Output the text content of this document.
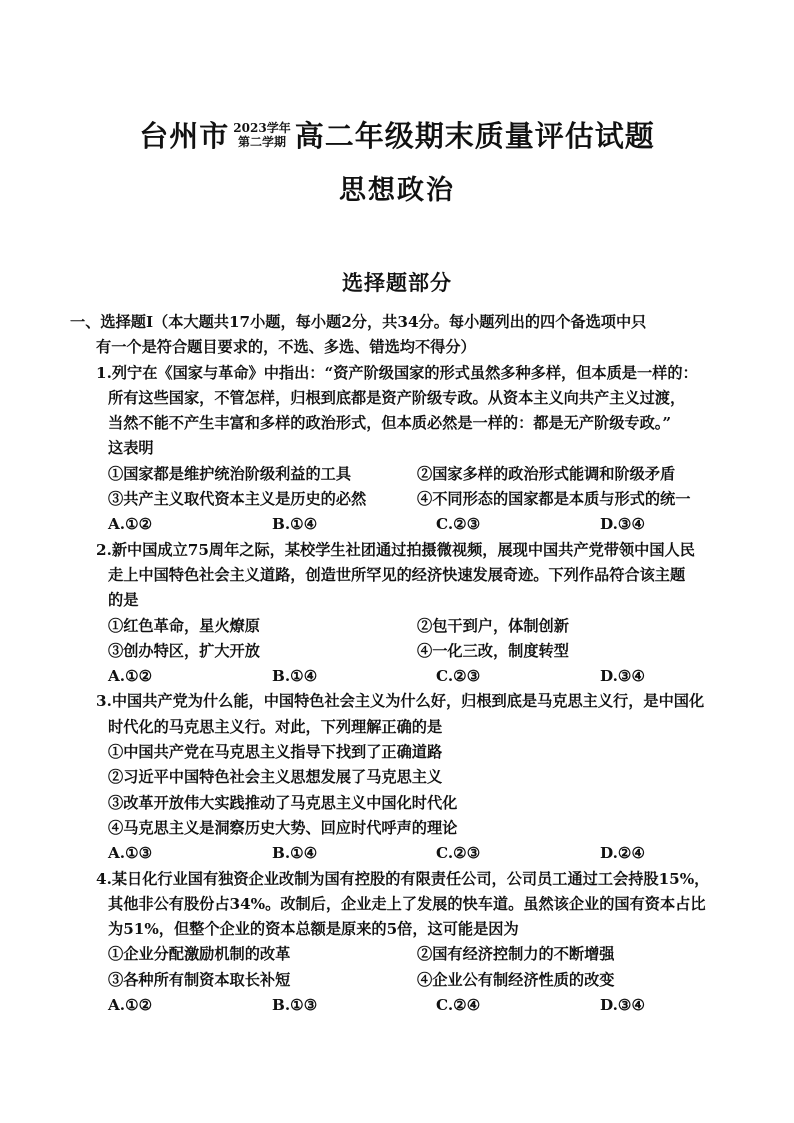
台州市 2023学年
第二学期 高二年级期末质量评估试题
思想政治
选择题部分
一、选择题Ⅰ（本大题共17小题，每小题2分，共34分。每小题列出的四个备选项中只
有一个是符合题目要求的，不选、多选、错选均不得分）
1.列宁在《国家与革命》中指出：“资产阶级国家的形式虽然多种多样，但本质是一样的：
所有这些国家，不管怎样，归根到底都是资产阶级专政。从资本主义向共产主义过渡，
当然不能不产生丰富和多样的政治形式，但本质必然是一样的：都是无产阶级专政。”
这表明
①国家都是维护统治阶级利益的工具	②国家多样的政治形式能调和阶级矛盾
③共产主义取代资本主义是历史的必然	④不同形态的国家都是本质与形式的统一
A.①②	B.①④	C.②③	D.③④
2.新中国成立75周年之际，某校学生社团通过拍摄微视频，展现中国共产党带领中国人民
走上中国特色社会主义道路，创造世所罕见的经济快速发展奇迹。下列作品符合该主题
的是
①红色革命，星火燎原	②包干到户，体制创新
③创办特区，扩大开放	④一化三改，制度转型
A.①②	B.①④	C.②③	D.③④
3.中国共产党为什么能，中国特色社会主义为什么好，归根到底是马克思主义行，是中国化
时代化的马克思主义行。对此，下列理解正确的是
①中国共产党在马克思主义指导下找到了正确道路
②习近平中国特色社会主义思想发展了马克思主义
③改革开放伟大实践推动了马克思主义中国化时代化
④马克思主义是洞察历史大势、回应时代呼声的理论
A.①③	B.①④	C.②③	D.②④
4.某日化行业国有独资企业改制为国有控股的有限责任公司，公司员工通过工会持股15%，
其他非公有股份占34%。改制后，企业走上了发展的快车道。虽然该企业的国有资本占比
为51%，但整个企业的资本总额是原来的5倍，这可能是因为
①企业分配激励机制的改革	②国有经济控制力的不断增强
③各种所有制资本取长补短	④企业公有制经济性质的改变
A.①②	B.①③	C.②④	D.③④
